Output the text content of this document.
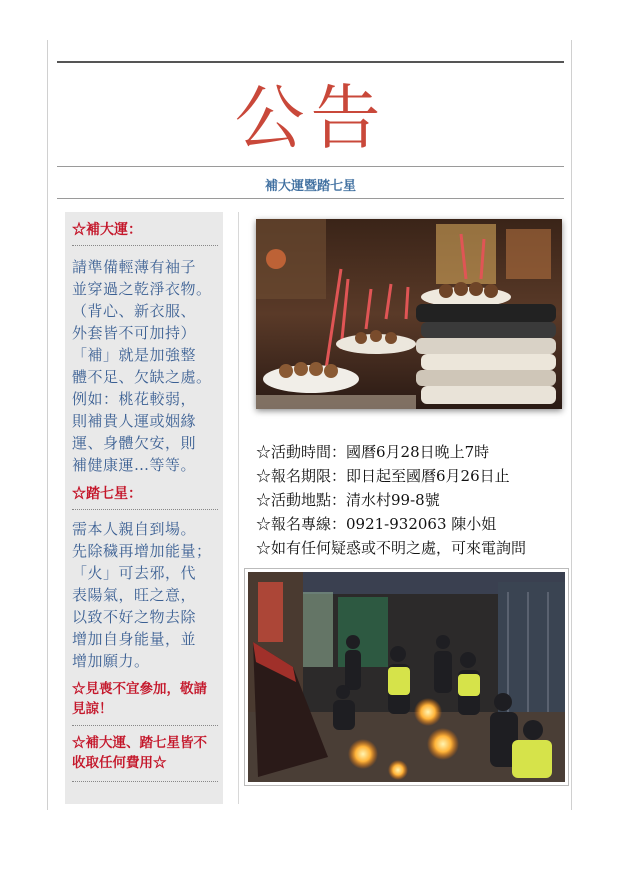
公告
補大運暨踏七星
☆補大運：
請準備輕薄有袖子
並穿過之乾淨衣物。
（背心、新衣服、
外套皆不可加持）
「補」就是加強整
體不足、欠缺之處。
例如：桃花較弱，
則補貴人運或姻緣
運、身體欠安，則
補健康運…等等。
☆踏七星：
需本人親自到場。
先除穢再增加能量；
「火」可去邪，代
表陽氣，旺之意，
以致不好之物去除
增加自身能量，並
增加願力。
☆見喪不宜參加，敬請
見諒！
☆補大運、踏七星皆不
收取任何費用☆
☆活動時間：國曆6月28日晚上7時
☆報名期限：即日起至國曆6月26日止
☆活動地點：清水村99-8號
☆報名專線：0921-932063 陳小姐
☆如有任何疑惑或不明之處，可來電詢問
